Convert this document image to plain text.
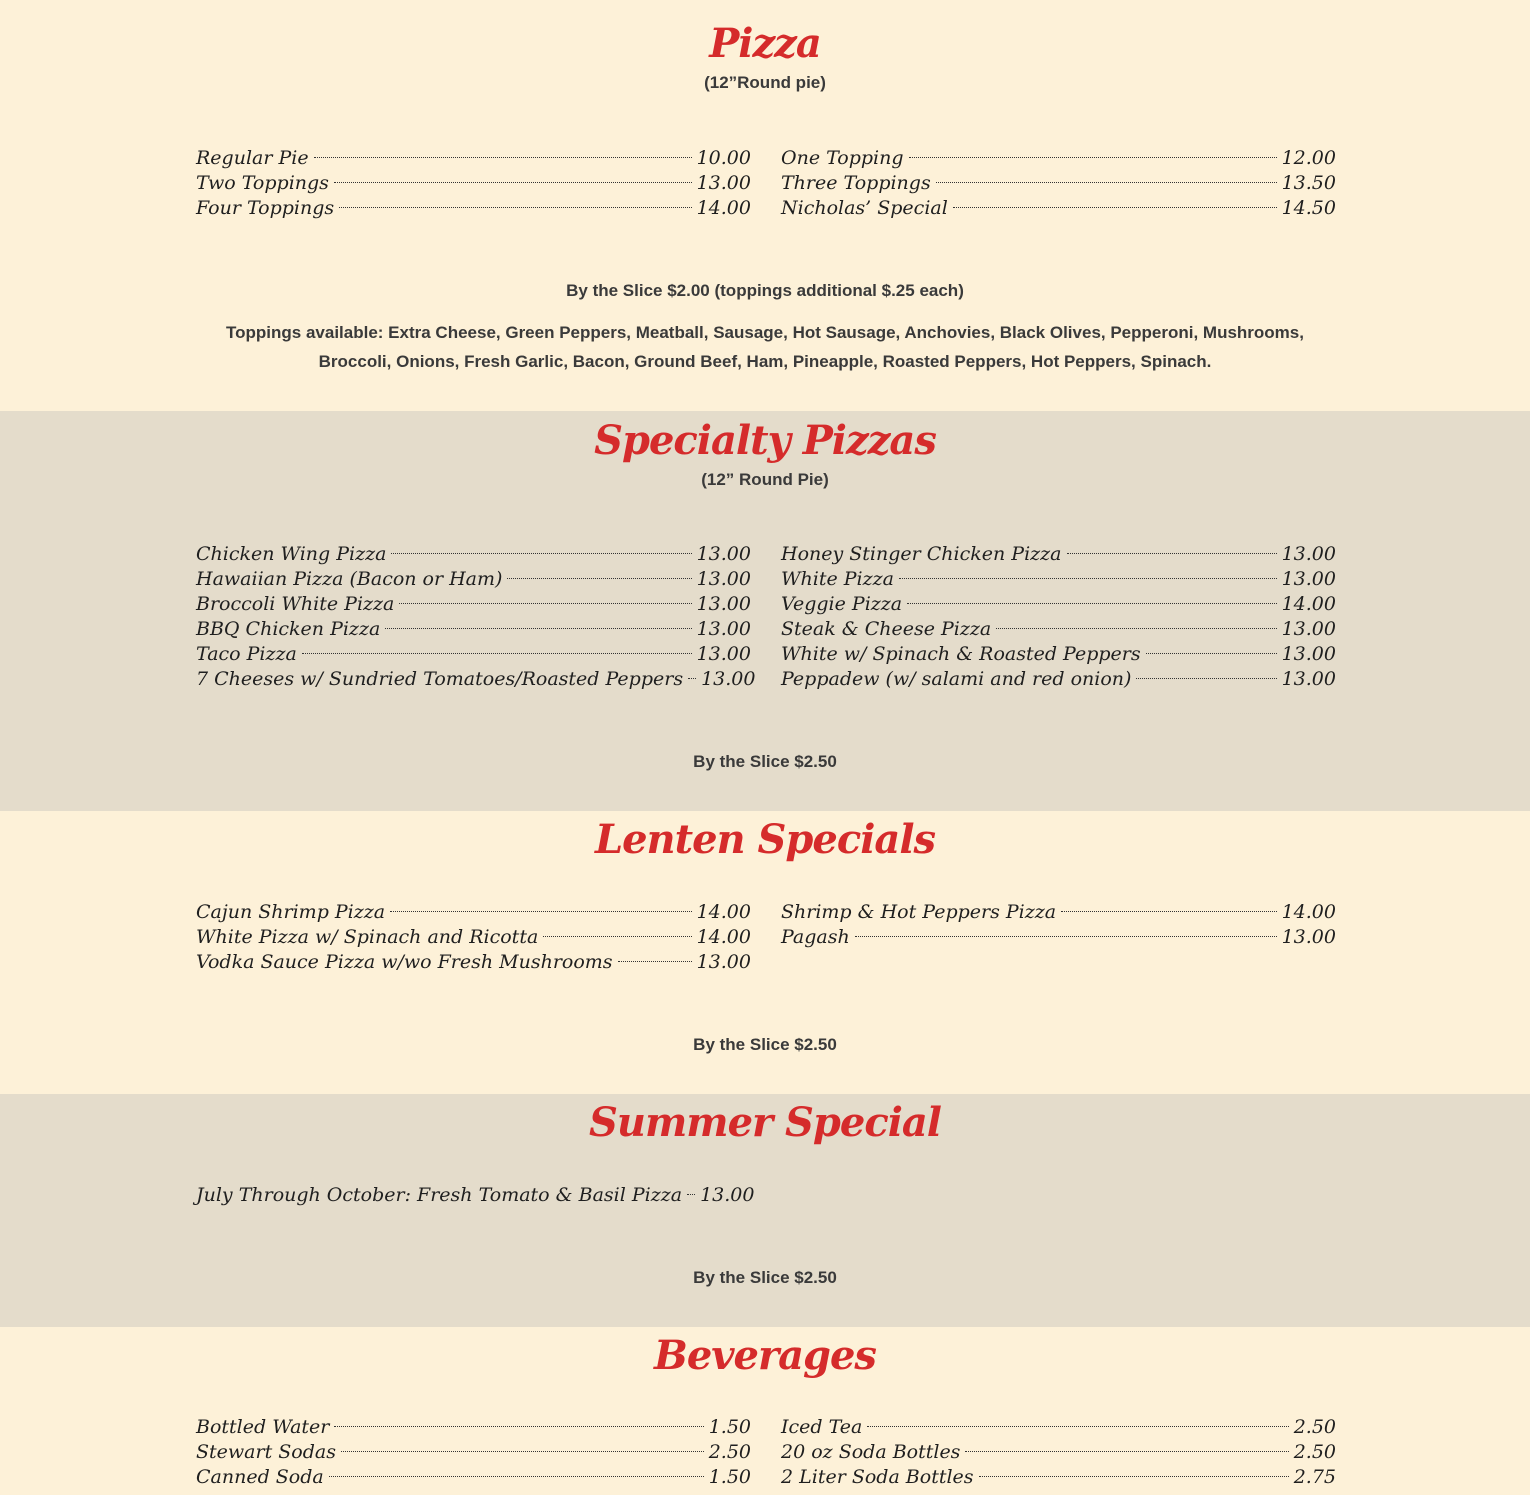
Pizza
(12”Round pie)
Regular Pie	10.00
Two Toppings	13.00
Four Toppings	14.00
One Topping	12.00
Three Toppings	13.50
Nicholas’ Special	14.50
By the Slice $2.00 (toppings additional $.25 each)
Toppings available: Extra Cheese, Green Peppers, Meatball, Sausage, Hot Sausage, Anchovies, Black Olives, Pepperoni, Mushrooms,
Broccoli, Onions, Fresh Garlic, Bacon, Ground Beef, Ham, Pineapple, Roasted Peppers, Hot Peppers, Spinach.
Specialty Pizzas
(12” Round Pie)
Chicken Wing Pizza	13.00
Hawaiian Pizza (Bacon or Ham)	13.00
Broccoli White Pizza	13.00
BBQ Chicken Pizza	13.00
Taco Pizza	13.00
7 Cheeses w/ Sundried Tomatoes/Roasted Peppers 13.00
Honey Stinger Chicken Pizza	13.00
White Pizza	13.00
Veggie Pizza	14.00
Steak & Cheese Pizza	13.00
White w/ Spinach & Roasted Peppers	13.00
Peppadew (w/ salami and red onion)	13.00
By the Slice $2.50
Lenten Specials
Cajun Shrimp Pizza	14.00
White Pizza w/ Spinach and Ricotta	14.00
Vodka Sauce Pizza w/wo Fresh Mushrooms	13.00
Shrimp & Hot Peppers Pizza	14.00
Pagash	13.00
By the Slice $2.50
Summer Special
July Through October: Fresh Tomato & Basil Pizza 13.00
By the Slice $2.50
Beverages
Bottled Water	1.50
Stewart Sodas	2.50
Canned Soda	1.50
Iced Tea	2.50
20 oz Soda Bottles	2.50
2 Liter Soda Bottles	2.75
